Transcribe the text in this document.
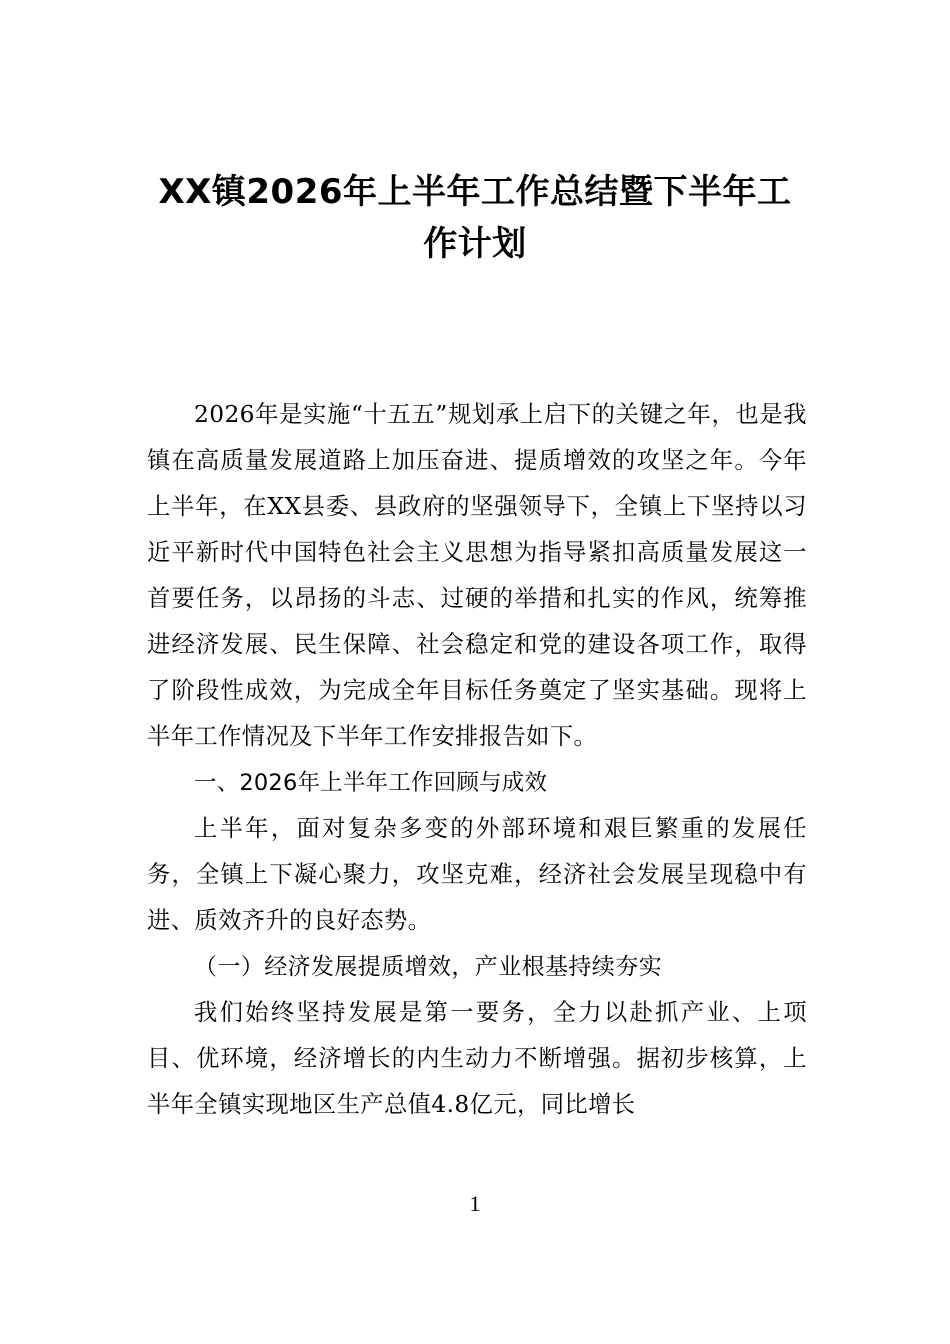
XX镇2026年上半年工作总结暨下半年工
作计划

2026年是实施“十五五”规划承上启下的关键之年，也是我镇在高质量发展道路上加压奋进、提质增效的攻坚之年。今年上半年，在XX县委、县政府的坚强领导下，全镇上下坚持以习近平新时代中国特色社会主义思想为指导紧扣高质量发展这一首要任务，以昂扬的斗志、过硬的举措和扎实的作风，统筹推进经济发展、民生保障、社会稳定和党的建设各项工作，取得了阶段性成效，为完成全年目标任务奠定了坚实基础。现将上半年工作情况及下半年工作安排报告如下。

一、2026年上半年工作回顾与成效

上半年，面对复杂多变的外部环境和艰巨繁重的发展任务，全镇上下凝心聚力，攻坚克难，经济社会发展呈现稳中有进、质效齐升的良好态势。

（一）经济发展提质增效，产业根基持续夯实

我们始终坚持发展是第一要务，全力以赴抓产业、上项目、优环境，经济增长的内生动力不断增强。据初步核算，上半年全镇实现地区生产总值4.8亿元，同比增长

1
